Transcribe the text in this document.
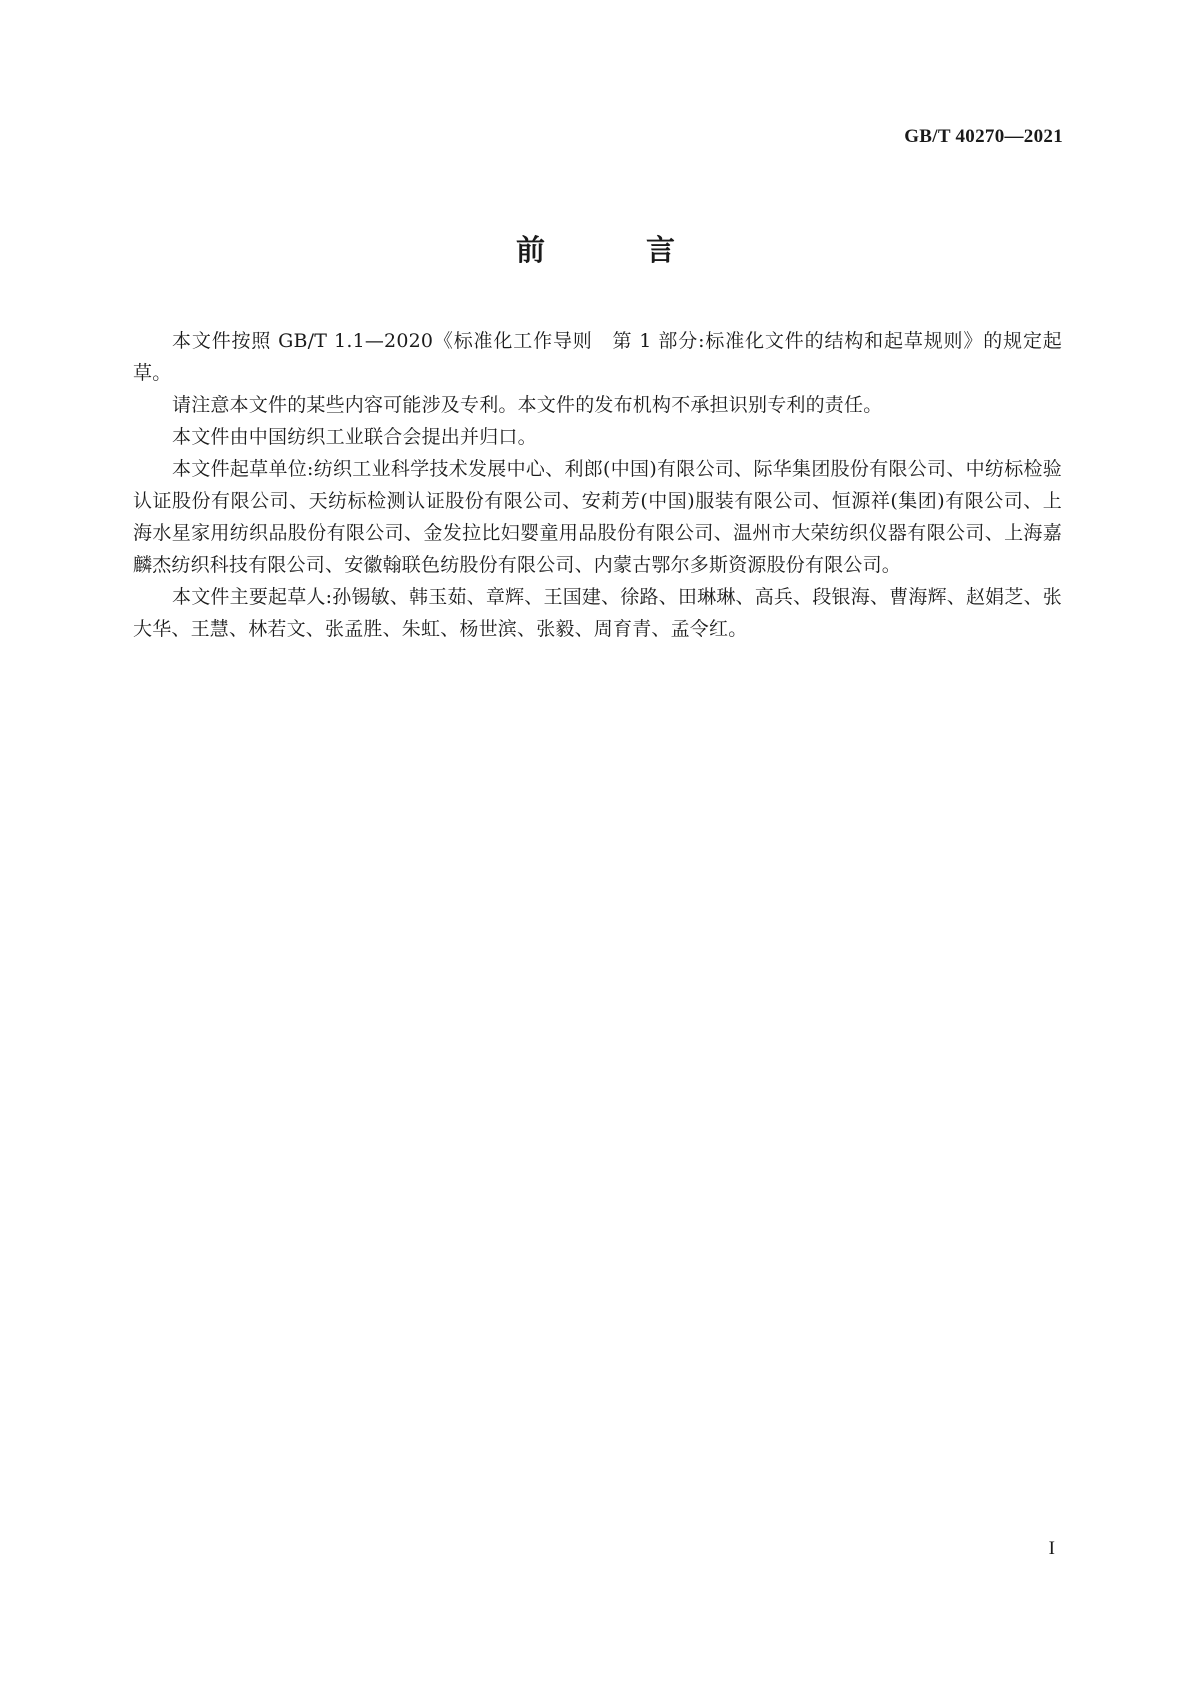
GB/T 40270—2021
前　言

本文件按照 GB/T 1.1—2020《标准化工作导则　第 1 部分:标准化文件的结构和起草规则》的规定起草。

请注意本文件的某些内容可能涉及专利。本文件的发布机构不承担识别专利的责任。

本文件由中国纺织工业联合会提出并归口。

本文件起草单位:纺织工业科学技术发展中心、利郎(中国)有限公司、际华集团股份有限公司、中纺标检验认证股份有限公司、天纺标检测认证股份有限公司、安莉芳(中国)服装有限公司、恒源祥(集团)有限公司、上海水星家用纺织品股份有限公司、金发拉比妇婴童用品股份有限公司、温州市大荣纺织仪器有限公司、上海嘉麟杰纺织科技有限公司、安徽翰联色纺股份有限公司、内蒙古鄂尔多斯资源股份有限公司。

本文件主要起草人:孙锡敏、韩玉茹、章辉、王国建、徐路、田琳琳、高兵、段银海、曹海辉、赵娟芝、张大华、王慧、林若文、张孟胜、朱虹、杨世滨、张毅、周育青、孟令红。

I
